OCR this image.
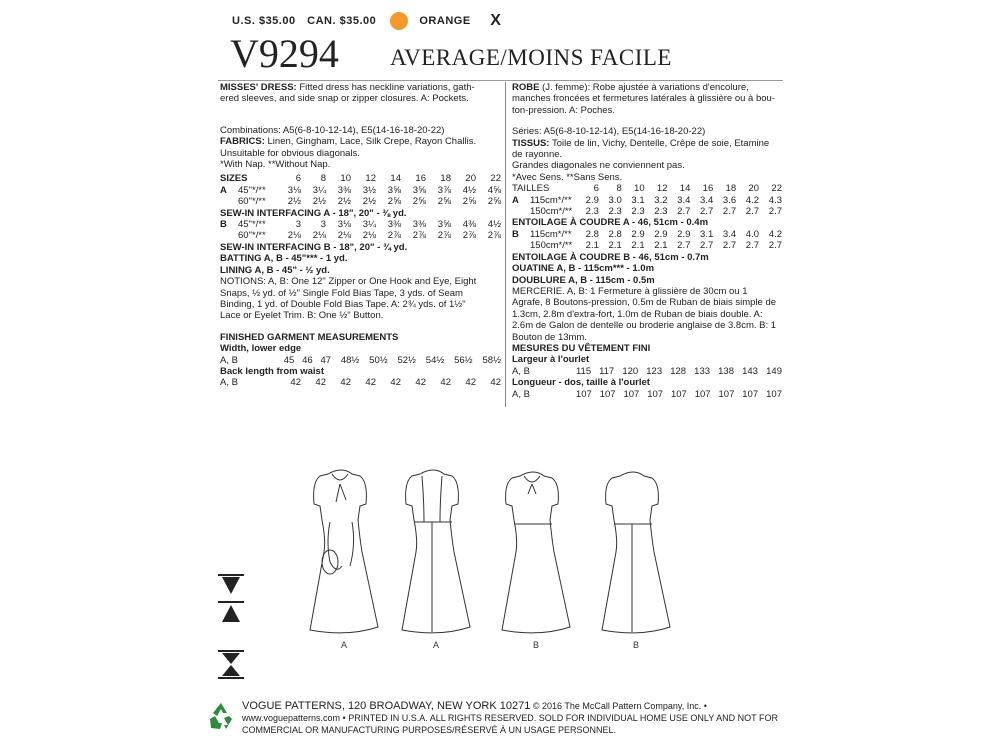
U.S. $35.00 CAN. $35.00	ORANGE X
V9294 AVERAGE/MOINS FACILE
MISSES' DRESS: Fitted dress has neckline variations, gath-
ered sleeves, and side snap or zipper closures. A: Pockets.
Combinations: A5(6-8-10-12-14), E5(14-16-18-20-22)
FABRICS: Linen, Gingham, Lace, Silk Crepe, Rayon Challis.
Unsuitable for obvious diagonals.
*With Nap. **Without Nap.
SIZES		6	8	10	12	14	16	18	20	22
A	45"*/**	3⅛	3¼	3⅜	3½	3⅝	3⅝	3⅞	4½	4⅝
	60"*/**	2½	2½	2½	2½	2⅝	2⅝	2⅝	2⅝	2⅝
SEW-IN INTERFACING A - 18", 20" - ⅜ yd.
B	45"*/**	3	3	3⅛	3¼	3⅜	3⅜	3⅝	4⅜	4½
	60"*/**	2⅛	2⅛	2⅛	2⅛	2⅞	2⅞	2⅞	2⅞	2⅞
SEW-IN INTERFACING B - 18", 20" - ¾ yd.
BATTING A, B - 45"*** - 1 yd.
LINING A, B - 45" - ½ yd.
NOTIONS: A, B: One 12" Zipper or One Hook and Eye, Eight
Snaps, ½ yd. of ½" Single Fold Bias Tape, 3 yds. of Seam
Binding, 1 yd. of Double Fold Bias Tape. A: 2¾ yds. of 1½"
Lace or Eyelet Trim. B: One ½" Button.
FINISHED GARMENT MEASUREMENTS
Width, lower edge
A, B	45	46	47	48½	50½	52½	54½	56½	58½
Back length from waist
A, B	42	42	42	42	42	42	42	42	42
ROBE (J. femme): Robe ajustée à variations d'encolure,
manches froncées et fermetures latérales à glissière ou à bou-
ton-pression. A: Poches.
Séries: A5(6-8-10-12-14), E5(14-16-18-20-22)
TISSUS: Toile de lin, Vichy, Dentelle, Crêpe de soie, Etamine
de rayonne.
Grandes diagonales ne conviennent pas.
*Avec Sens. **Sans Sens.
TAILLES		6	8	10	12	14	16	18	20	22
A	115cm*/**	2.9	3.0	3.1	3.2	3.4	3.4	3.6	4.2	4.3
	150cm*/**	2.3	2.3	2.3	2.3	2.7	2.7	2.7	2.7	2.7
ENTOILAGE À COUDRE A - 46, 51cm - 0.4m
B	115cm*/**	2.8	2.8	2.9	2.9	2.9	3.1	3.4	4.0	4.2
	150cm*/**	2.1	2.1	2.1	2.1	2.7	2.7	2.7	2.7	2.7
ENTOILAGE À COUDRE B - 46, 51cm - 0.7m
OUATINE A, B - 115cm*** - 1.0m
DOUBLURE A, B - 115cm - 0.5m
MERCERIE. A, B: 1 Fermeture à glissière de 30cm ou 1
Agrafe, 8 Boutons-pression, 0.5m de Ruban de biais simple de
1.3cm, 2.8m d'extra-fort, 1.0m de Ruban de biais double. A:
2.6m de Galon de dentelle ou broderie anglaise de 3.8cm. B: 1
Bouton de 13mm.
MESURES DU VÊTEMENT FINI
Largeur à l'ourlet
A, B	115	117	120	123	128	133	138	143	149
Longueur - dos, taille à l'ourlet
A, B	107	107	107	107	107	107	107	107	107
A	A	B	B
VOGUE PATTERNS, 120 BROADWAY, NEW YORK 10271 © 2016 The McCall Pattern Company, Inc. •
www.voguepatterns.com • PRINTED IN U.S.A. ALL RIGHTS RESERVED. SOLD FOR INDIVIDUAL HOME USE ONLY AND NOT FOR
COMMERCIAL OR MANUFACTURING PURPOSES/RÉSERVÉ À UN USAGE PERSONNEL.
